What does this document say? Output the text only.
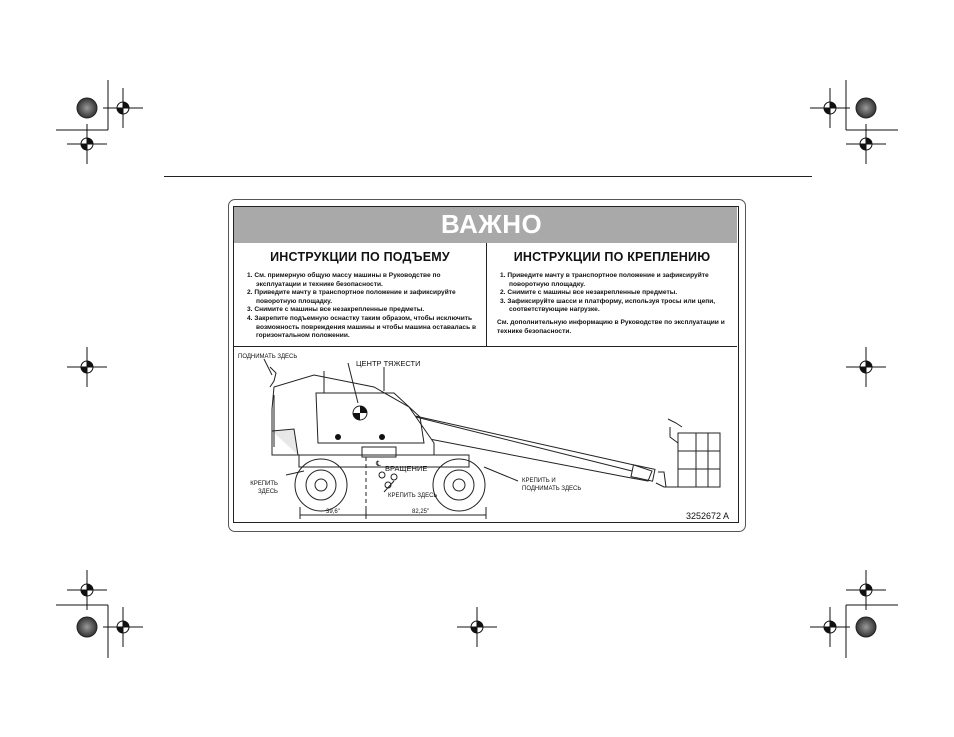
ВАЖНО
ИНСТРУКЦИИ ПО ПОДЪЕМУ
1. См. примерную общую массу машины в Руководстве по эксплуатации и технике безопасности.
2. Приведите мачту в транспортное положение и зафиксируйте поворотную площадку.
3. Снимите с машины все незакрепленные предметы.
4. Закрепите подъемную оснастку таким образом, чтобы исключить возможность повреждения машины и чтобы машина оставалась в горизонтальном положении.
ИНСТРУКЦИИ ПО КРЕПЛЕНИЮ
1. Приведите мачту в транспортное положение и зафиксируйте поворотную площадку.
2. Снимите с машины все незакрепленные предметы.
3. Зафиксируйте шасси и платформу, используя тросы или цепи, соответствующие нагрузке.

См. дополнительную информацию в Руководстве по эксплуатации и технике безопасности.

ПОДНИМАТЬ ЗДЕСЬ
ЦЕНТР ТЯЖЕСТИ
℄
ВРАЩЕНИЕ
КРЕПИТЬ ЗДЕСЬ
КРЕПИТЬ ЗДЕСЬ
КРЕПИТЬ И ПОДНИМАТЬ ЗДЕСЬ
39,6"	82,25"	3252672 A
